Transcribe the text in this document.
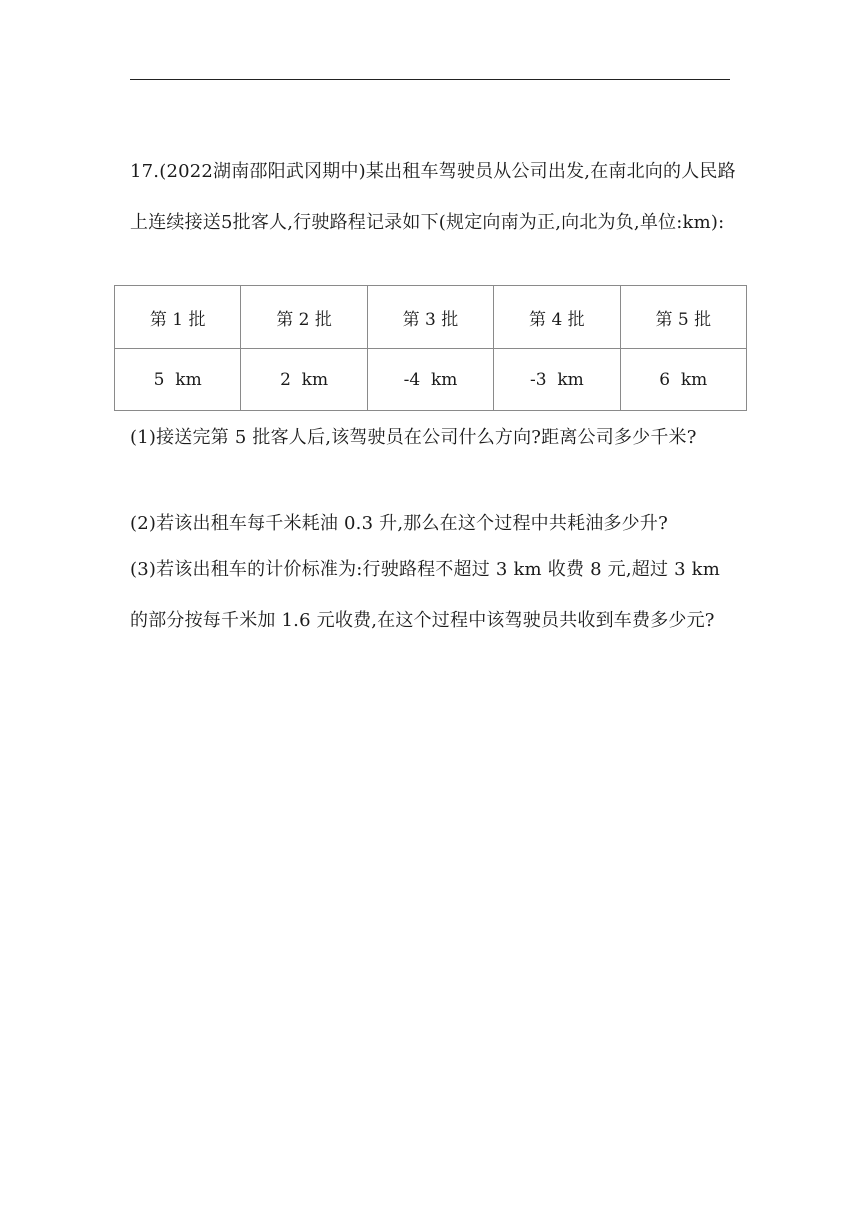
17.(2022湖南邵阳武冈期中)某出租车驾驶员从公司出发,在南北向的人民路上连续接送5批客人,行驶路程记录如下(规定向南为正,向北为负,单位:km):

第 1 批	第 2 批	第 3 批	第 4 批	第 5 批
5  km	2  km	-4  km	-3  km	6  km

(1)接送完第 5 批客人后,该驾驶员在公司什么方向?距离公司多少千米?

(2)若该出租车每千米耗油 0.3 升,那么在这个过程中共耗油多少升?

(3)若该出租车的计价标准为:行驶路程不超过 3 km 收费 8 元,超过 3 km 的部分按每千米加 1.6 元收费,在这个过程中该驾驶员共收到车费多少元?
